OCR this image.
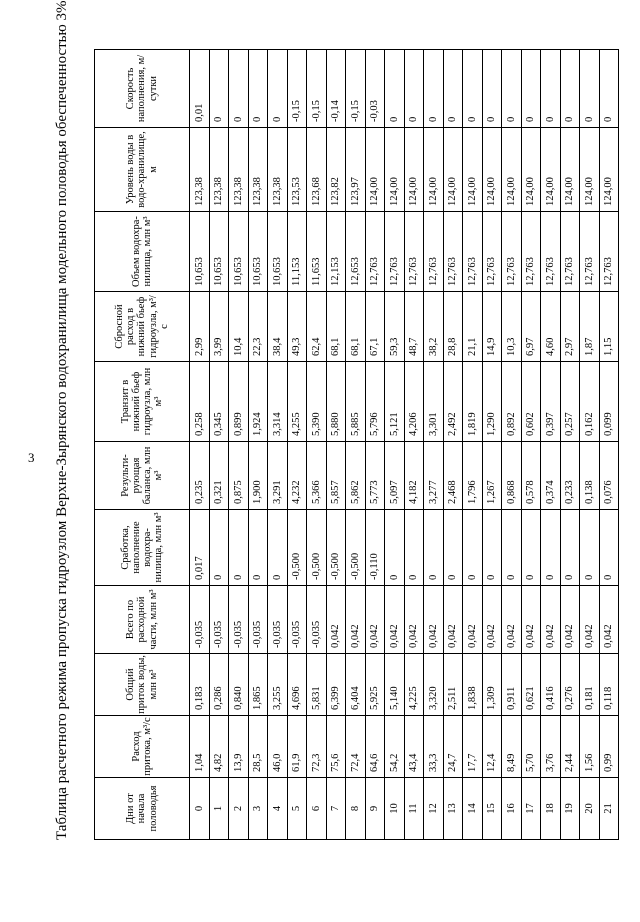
3 Таблица расчетного режима пропуска гидроузлом Верхне-Зырянского водохранилища модельного половодья обеспеченностью 3%	Дни от начала половодья	Расход притока, м³/с	Общий приток воды, млн м³	Всего по расходной части, млн м³	Сработка, наполнение водохра-нилища, млн м³	Результи-рующая баланса, млн м³	Транзит в нижний бьеф гидроузла, млн м³	Сбросной расход в нижний бьеф гидроузла, м³/с	Объем водохра-нилища, млн м³	Уровень воды в водо-хранилище, м	Скорость наполнения, м/сутки
0	1,04	0,183	-0,035	0,017	0,235	0,258	2,99	10,653	123,38	0,01
1	4,82	0,286	-0,035	0	0,321	0,345	3,99	10,653	123,38	0
2	13,9	0,840	-0,035	0	0,875	0,899	10,4	10,653	123,38	0
3	28,5	1,865	-0,035	0	1,900	1,924	22,3	10,653	123,38	0
4	46,0	3,255	-0,035	0	3,291	3,314	38,4	10,653	123,38	0
5	61,9	4,696	-0,035	-0,500	4,232	4,255	49,3	11,153	123,53	-0,15
6	72,3	5,831	-0,035	-0,500	5,366	5,390	62,4	11,653	123,68	-0,15
7	75,6	6,399	0,042	-0,500	5,857	5,880	68,1	12,153	123,82	-0,14
8	72,4	6,404	0,042	-0,500	5,862	5,885	68,1	12,653	123,97	-0,15
9	64,6	5,925	0,042	-0,110	5,773	5,796	67,1	12,763	124,00	-0,03
10	54,2	5,140	0,042	0	5,097	5,121	59,3	12,763	124,00	0
11	43,4	4,225	0,042	0	4,182	4,206	48,7	12,763	124,00	0
12	33,3	3,320	0,042	0	3,277	3,301	38,2	12,763	124,00	0
13	24,7	2,511	0,042	0	2,468	2,492	28,8	12,763	124,00	0
14	17,7	1,838	0,042	0	1,796	1,819	21,1	12,763	124,00	0
15	12,4	1,309	0,042	0	1,267	1,290	14,9	12,763	124,00	0
16	8,49	0,911	0,042	0	0,868	0,892	10,3	12,763	124,00	0
17	5,70	0,621	0,042	0	0,578	0,602	6,97	12,763	124,00	0
18	3,76	0,416	0,042	0	0,374	0,397	4,60	12,763	124,00	0
19	2,44	0,276	0,042	0	0,233	0,257	2,97	12,763	124,00	0
20	1,56	0,181	0,042	0	0,138	0,162	1,87	12,763	124,00	0
21	0,99	0,118	0,042	0	0,076	0,099	1,15	12,763	124,00	0
